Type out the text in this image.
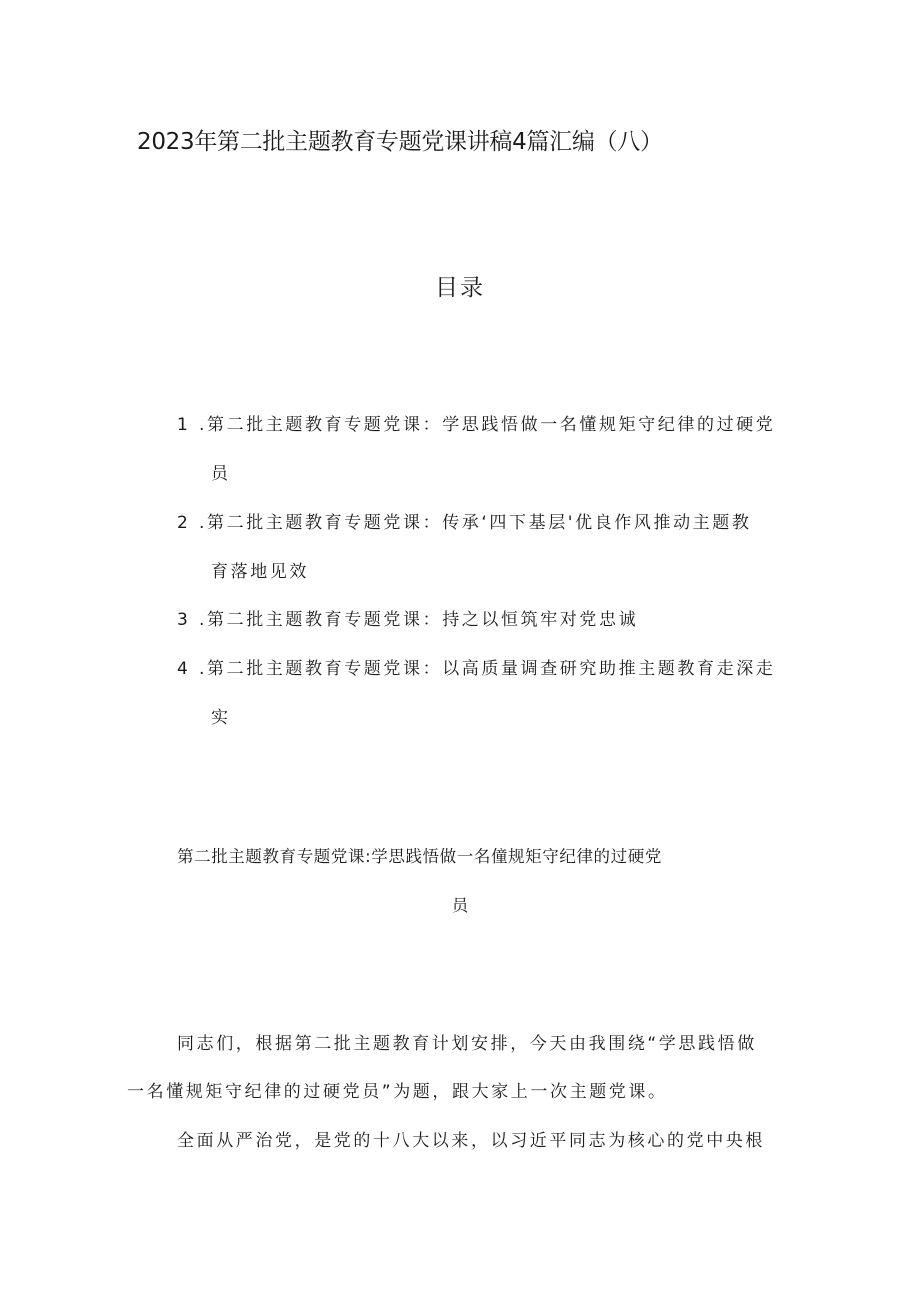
2023年第二批主题教育专题党课讲稿4篇汇编（八）
目录
1 .第二批主题教育专题党课：学思践悟做一名懂规矩守纪律的过硬党
员
2 .第二批主题教育专题党课：传承‘四下基层'优良作风推动主题教
育落地见效
3 .第二批主题教育专题党课：持之以恒筑牢对党忠诚
4 .第二批主题教育专题党课：以高质量调查研究助推主题教育走深走
实
第二批主题教育专题党课:学思践悟做一名僮规矩守纪律的过硬党
员
同志们，根据第二批主题教育计划安排，今天由我围绕“学思践悟做
一名懂规矩守纪律的过硬党员”为题，跟大家上一次主题党课。
全面从严治党，是党的十八大以来，以习近平同志为核心的党中央根
